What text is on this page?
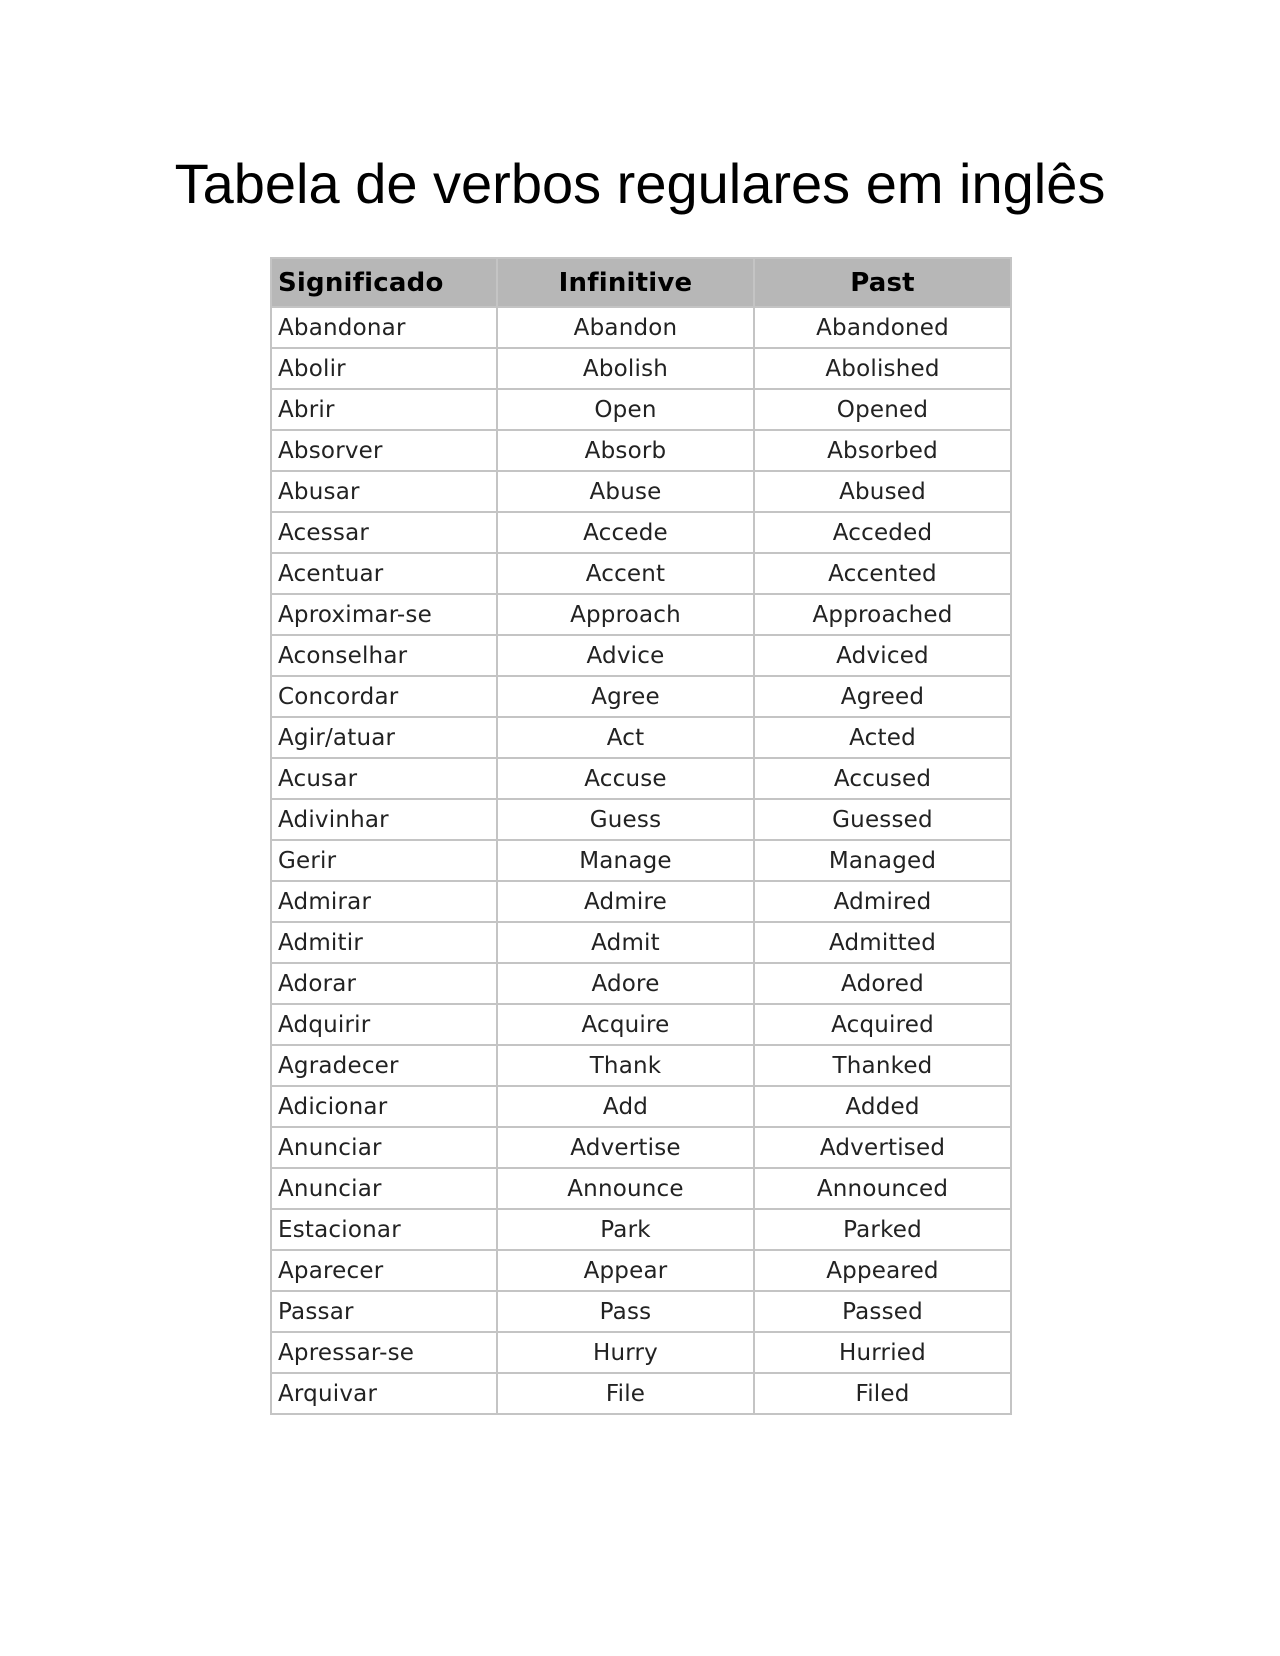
Tabela de verbos regulares em inglês
Significado	Infinitive	Past
Abandonar	Abandon	Abandoned
Abolir	Abolish	Abolished
Abrir	Open	Opened
Absorver	Absorb	Absorbed
Abusar	Abuse	Abused
Acessar	Accede	Acceded
Acentuar	Accent	Accented
Aproximar-se	Approach	Approached
Aconselhar	Advice	Adviced
Concordar	Agree	Agreed
Agir/atuar	Act	Acted
Acusar	Accuse	Accused
Adivinhar	Guess	Guessed
Gerir	Manage	Managed
Admirar	Admire	Admired
Admitir	Admit	Admitted
Adorar	Adore	Adored
Adquirir	Acquire	Acquired
Agradecer	Thank	Thanked
Adicionar	Add	Added
Anunciar	Advertise	Advertised
Anunciar	Announce	Announced
Estacionar	Park	Parked
Aparecer	Appear	Appeared
Passar	Pass	Passed
Apressar-se	Hurry	Hurried
Arquivar	File	Filed
